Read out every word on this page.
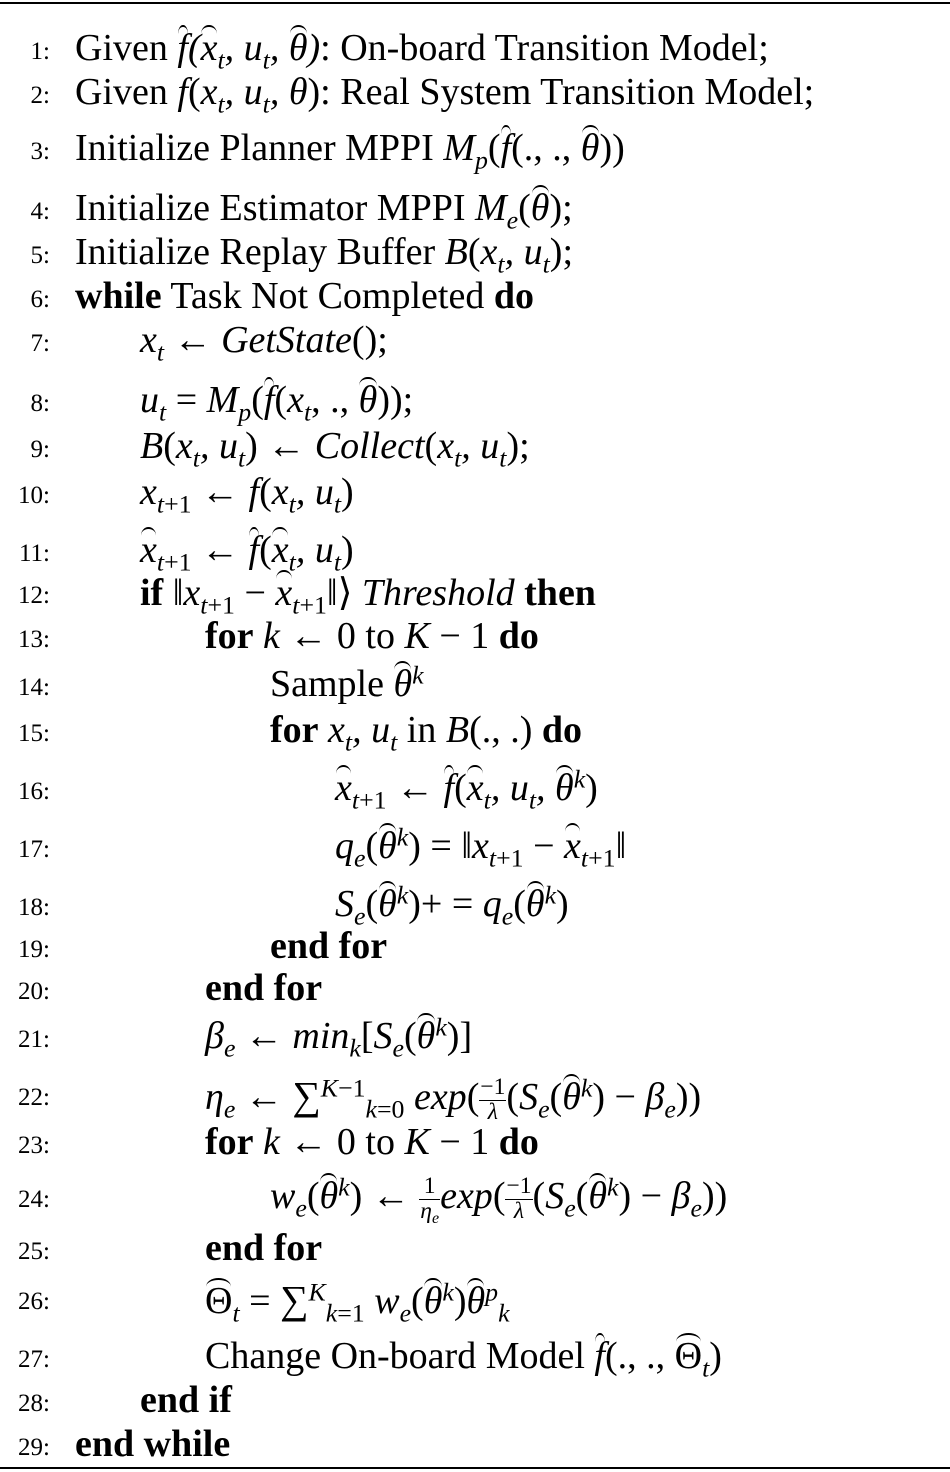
1: Given $f(x_t$, $u_t$, θ): On-board Transition Model;
2: Given $f(x_t$, $u_t$, θ): Real System Transition Model;
3: Initialize Planner MPPI $M_p(f$(., ., θ))
4: Initialize Estimator MPPI $M_e(\theta)$;
5: Initialize Replay Buffer $B(x_t$, $u_t$);
6: while Task Not Completed do
7: $x_t$ ← GetState();
8: $u_t = M_p(f(x_t$, ., θ));
9: $B(x_t$, $u_t$) ← $Collect(x_t$, $u_t$);
10: $x_{t+1}$ ← $f(x_t$, $u_t$)
11: $x_{t+1}$ ← $f(x_t$, $u_t$)
12: if $‖x_{t+1}$ − $x_{t+1}‖⟩$ Threshold then
13:	for k ← 0 to K − 1 do
14:	Sample $\theta^k$
15:	for $x_t$, $u_t$ in B(., .) do
16:	$x_{t+1}$ ← $f(x_t$, $u_t$, $\theta^k$)
17:	$q_e(\theta^k)$ = $‖x_{t+1}$ − $x_{t+1}‖$
18:	$S_e(\theta^k)+ = q_e(\theta^k)$
19:	end for
20:	end for
21:	$\beta_e$ ← $\min_k[S_e(\theta^k)]$
22:	$\eta_e$ ← ∑$^{K-1}_{k=0}$ $\exp( \frac{-1}{\lambda} (S_e(\theta^k) - \beta_e))$
23:	for k ← 0 to K − 1 do
24:	$w_e(\theta^k)$ ← $\frac{1}{\eta_e} \exp( \frac{-1}{\lambda} (S_e(\theta^k) - \beta_e))$
25:	end for
26:	$\Theta_t = \sum^K_{k=1}$ $w_e(\theta^k)\theta^p_k$
27:	Change On-board Model f(., ., $\Theta_t$)
28: end if
29: end while
